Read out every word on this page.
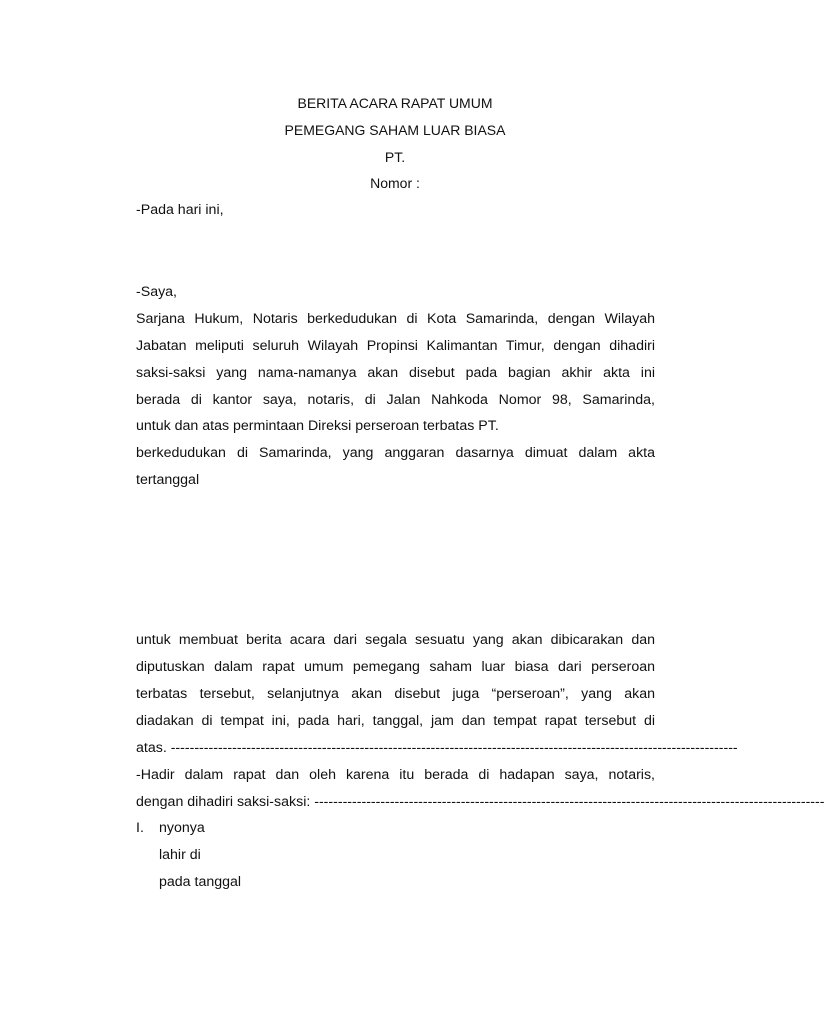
BERITA ACARA RAPAT UMUM
PEMEGANG SAHAM LUAR BIASA
PT.
Nomor :
-Pada hari ini,
-Saya,
Sarjana Hukum, Notaris berkedudukan di Kota Samarinda, dengan Wilayah
Jabatan meliputi seluruh Wilayah Propinsi Kalimantan Timur, dengan dihadiri
saksi-saksi yang nama-namanya akan disebut pada bagian akhir akta ini
berada di kantor saya, notaris, di Jalan Nahkoda Nomor 98, Samarinda,
untuk dan atas permintaan Direksi perseroan terbatas PT.
berkedudukan di Samarinda, yang anggaran dasarnya dimuat dalam akta
tertanggal
untuk membuat berita acara dari segala sesuatu yang akan dibicarakan dan
diputuskan dalam rapat umum pemegang saham luar biasa dari perseroan
terbatas tersebut, selanjutnya akan disebut juga “perseroan”, yang akan
diadakan di tempat ini, pada hari, tanggal, jam dan tempat rapat tersebut di
atas. ------------------------------------------------------------------------------------------------------------------------
-Hadir dalam rapat dan oleh karena itu berada di hadapan saya, notaris,
dengan dihadiri saksi-saksi: ------------------------------------------------------------------------------------------------------------
I. nyonya
lahir di
pada tanggal
